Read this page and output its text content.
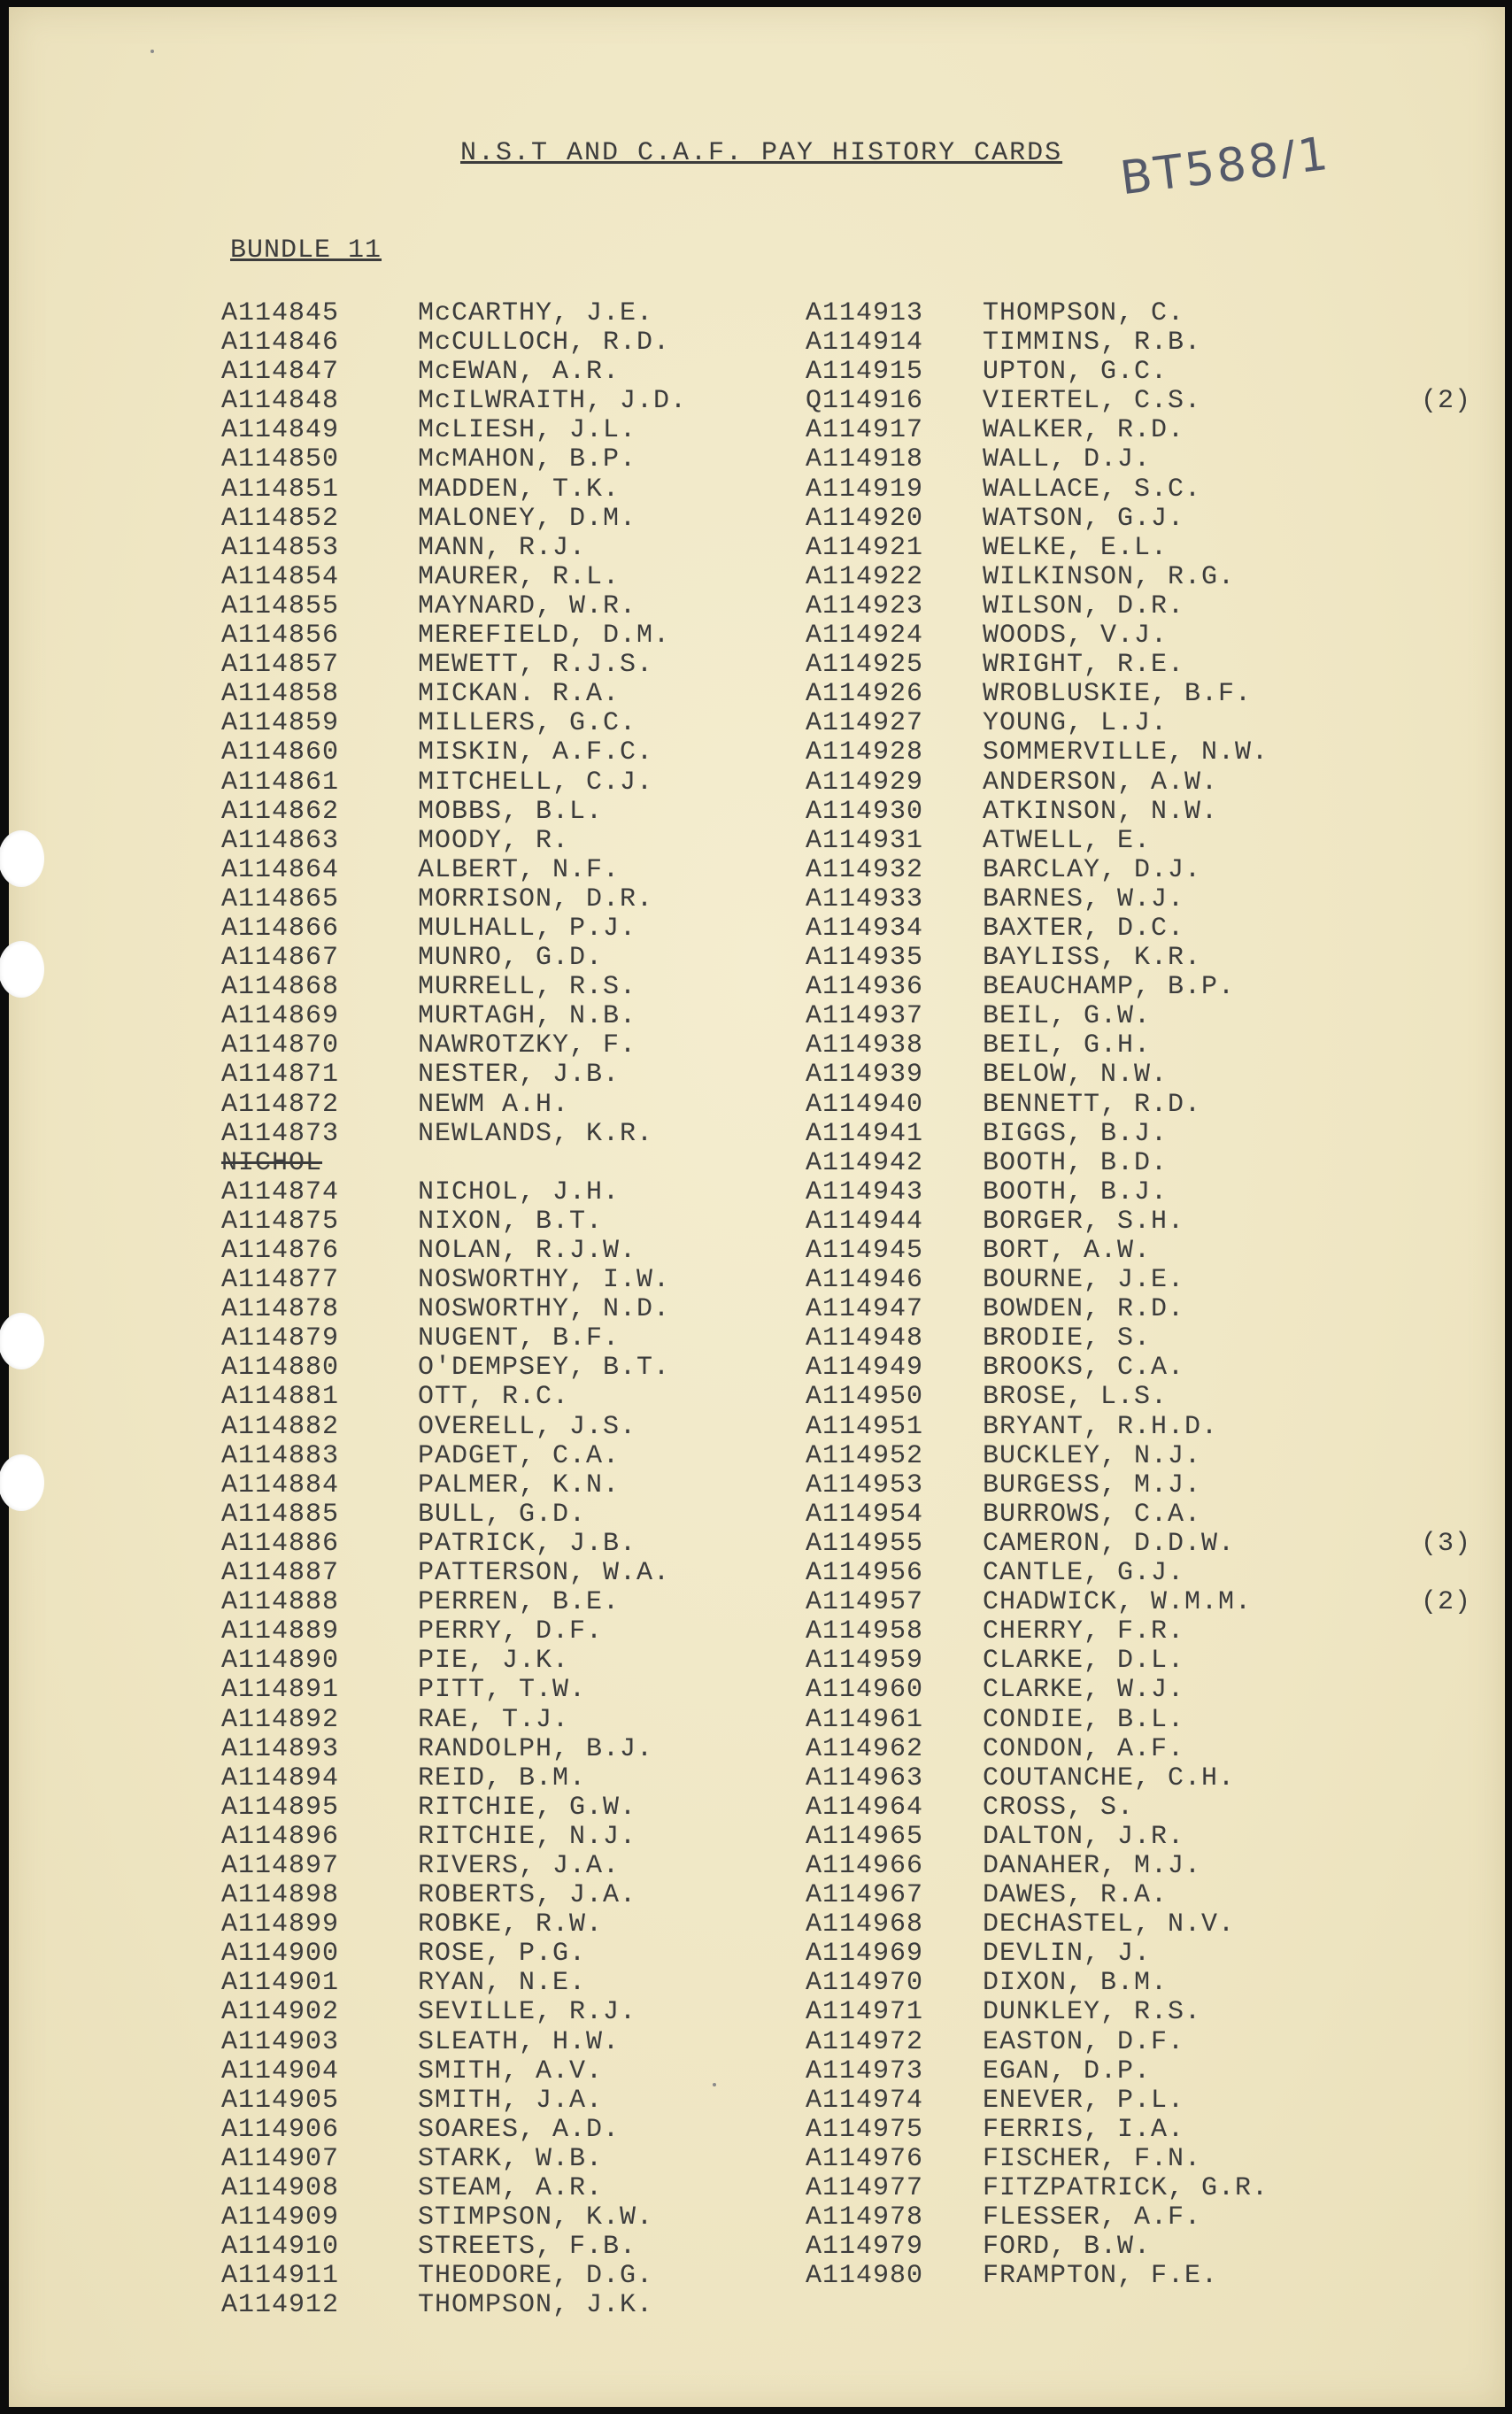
N.S.T AND C.A.F. PAY HISTORY CARDS BT588/1
BUNDLE 11
A114845	McCARTHY, J.E.
A114846	McCULLOCH, R.D.
A114847	McEWAN, A.R.
A114848	McILWRAITH, J.D.
A114849	McLIESH, J.L.
A114850	McMAHON, B.P.
A114851	MADDEN, T.K.
A114852	MALONEY, D.M.
A114853	MANN, R.J.
A114854	MAURER, R.L.
A114855	MAYNARD, W.R.
A114856	MEREFIELD, D.M.
A114857	MEWETT, R.J.S.
A114858	MICKAN. R.A.
A114859	MILLERS, G.C.
A114860	MISKIN, A.F.C.
A114861	MITCHELL, C.J.
A114862	MOBBS, B.L.
A114863	MOODY, R.
A114864	ALBERT, N.F.
A114865	MORRISON, D.R.
A114866	MULHALL, P.J.
A114867	MUNRO, G.D.
A114868	MURRELL, R.S.
A114869	MURTAGH, N.B.
A114870	NAWROTZKY, F.
A114871	NESTER, J.B.
A114872	NEWM A.H.
A114873	NEWLANDS, K.R.
NICHOL
A114874	NICHOL, J.H.
A114875	NIXON, B.T.
A114876	NOLAN, R.J.W.
A114877	NOSWORTHY, I.W.
A114878	NOSWORTHY, N.D.
A114879	NUGENT, B.F.
A114880	O'DEMPSEY, B.T.
A114881	OTT, R.C.
A114882	OVERELL, J.S.
A114883	PADGET, C.A.
A114884	PALMER, K.N.
A114885	BULL, G.D.
A114886	PATRICK, J.B.
A114887	PATTERSON, W.A.
A114888	PERREN, B.E.
A114889	PERRY, D.F.
A114890	PIE, J.K.
A114891	PITT, T.W.
A114892	RAE, T.J.
A114893	RANDOLPH, B.J.
A114894	REID, B.M.
A114895	RITCHIE, G.W.
A114896	RITCHIE, N.J.
A114897	RIVERS, J.A.
A114898	ROBERTS, J.A.
A114899	ROBKE, R.W.
A114900	ROSE, P.G.
A114901	RYAN, N.E.
A114902	SEVILLE, R.J.
A114903	SLEATH, H.W.
A114904	SMITH, A.V.
A114905	SMITH, J.A.
A114906	SOARES, A.D.
A114907	STARK, W.B.
A114908	STEAM, A.R.
A114909	STIMPSON, K.W.
A114910	STREETS, F.B.
A114911	THEODORE, D.G.
A114912	THOMPSON, J.K.
A114913 THOMPSON, C.
A114914 TIMMINS, R.B.
A114915 UPTON, G.C.
Q114916 VIERTEL, C.S.	(2)
A114917 WALKER, R.D.
A114918 WALL, D.J.
A114919 WALLACE, S.C.
A114920 WATSON, G.J.
A114921 WELKE, E.L.
A114922 WILKINSON, R.G.
A114923 WILSON, D.R.
A114924 WOODS, V.J.
A114925 WRIGHT, R.E.
A114926 WROBLUSKIE, B.F.
A114927 YOUNG, L.J.
A114928 SOMMERVILLE, N.W.
A114929 ANDERSON, A.W.
A114930 ATKINSON, N.W.
A114931 ATWELL, E.
A114932 BARCLAY, D.J.
A114933 BARNES, W.J.
A114934 BAXTER, D.C.
A114935 BAYLISS, K.R.
A114936 BEAUCHAMP, B.P.
A114937 BEIL, G.W.
A114938 BEIL, G.H.
A114939 BELOW, N.W.
A114940 BENNETT, R.D.
A114941 BIGGS, B.J.
A114942 BOOTH, B.D.
A114943 BOOTH, B.J.
A114944 BORGER, S.H.
A114945 BORT, A.W.
A114946 BOURNE, J.E.
A114947 BOWDEN, R.D.
A114948 BRODIE, S.
A114949 BROOKS, C.A.
A114950 BROSE, L.S.
A114951 BRYANT, R.H.D.
A114952 BUCKLEY, N.J.
A114953 BURGESS, M.J.
A114954 BURROWS, C.A.
A114955 CAMERON, D.D.W.	(3)
A114956 CANTLE, G.J.
A114957 CHADWICK, W.M.M.	(2)
A114958 CHERRY, F.R.
A114959 CLARKE, D.L.
A114960 CLARKE, W.J.
A114961 CONDIE, B.L.
A114962 CONDON, A.F.
A114963 COUTANCHE, C.H.
A114964 CROSS, S.
A114965 DALTON, J.R.
A114966 DANAHER, M.J.
A114967 DAWES, R.A.
A114968 DECHASTEL, N.V.
A114969 DEVLIN, J.
A114970 DIXON, B.M.
A114971 DUNKLEY, R.S.
A114972 EASTON, D.F.
A114973 EGAN, D.P.
A114974 ENEVER, P.L.
A114975 FERRIS, I.A.
A114976 FISCHER, F.N.
A114977 FITZPATRICK, G.R.
A114978 FLESSER, A.F.
A114979 FORD, B.W.
A114980 FRAMPTON, F.E.
